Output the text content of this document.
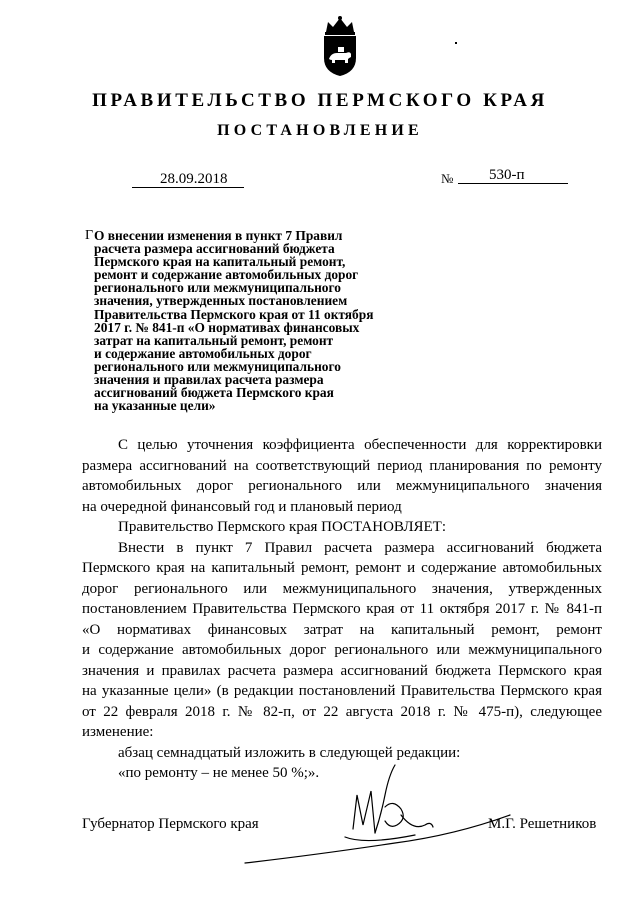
ПРАВИТЕЛЬСТВО ПЕРМСКОГО КРАЯ
ПОСТАНОВЛЕНИЕ
28.09.2018	№ 530-п
Γ О внесении изменения в пункт 7 Правил
расчета размера ассигнований бюджета
Пермского края на капитальный ремонт,
ремонт и содержание автомобильных дорог
регионального или межмуниципального
значения, утвержденных постановлением
Правительства Пермского края от 11 октября
2017 г. № 841-п «О нормативах финансовых
затрат на капитальный ремонт, ремонт
и содержание автомобильных дорог
регионального или межмуниципального
значения и правилах расчета размера
ассигнований бюджета Пермского края
на указанные цели»
С целью уточнения коэффициента обеспеченности для корректировки
размера ассигнований на соответствующий период планирования по ремонту
автомобильных дорог регионального или межмуниципального значения
на очередной финансовый год и плановый период
Правительство Пермского края ПОСТАНОВЛЯЕТ:
Внести в пункт 7 Правил расчета размера ассигнований бюджета
Пермского края на капитальный ремонт, ремонт и содержание автомобильных
дорог регионального или межмуниципального значения, утвержденных
постановлением Правительства Пермского края от 11 октября 2017 г. № 841-п
«О нормативах финансовых затрат на капитальный ремонт, ремонт
и содержание автомобильных дорог регионального или межмуниципального
значения и правилах расчета размера ассигнований бюджета Пермского края
на указанные цели» (в редакции постановлений Правительства Пермского края
от 22 февраля 2018 г. № 82-п, от 22 августа 2018 г. № 475-п), следующее
изменение:
абзац семнадцатый изложить в следующей редакции:
«по ремонту – не менее 50 %;».
Губернатор Пермского края	М.Г. Решетников
